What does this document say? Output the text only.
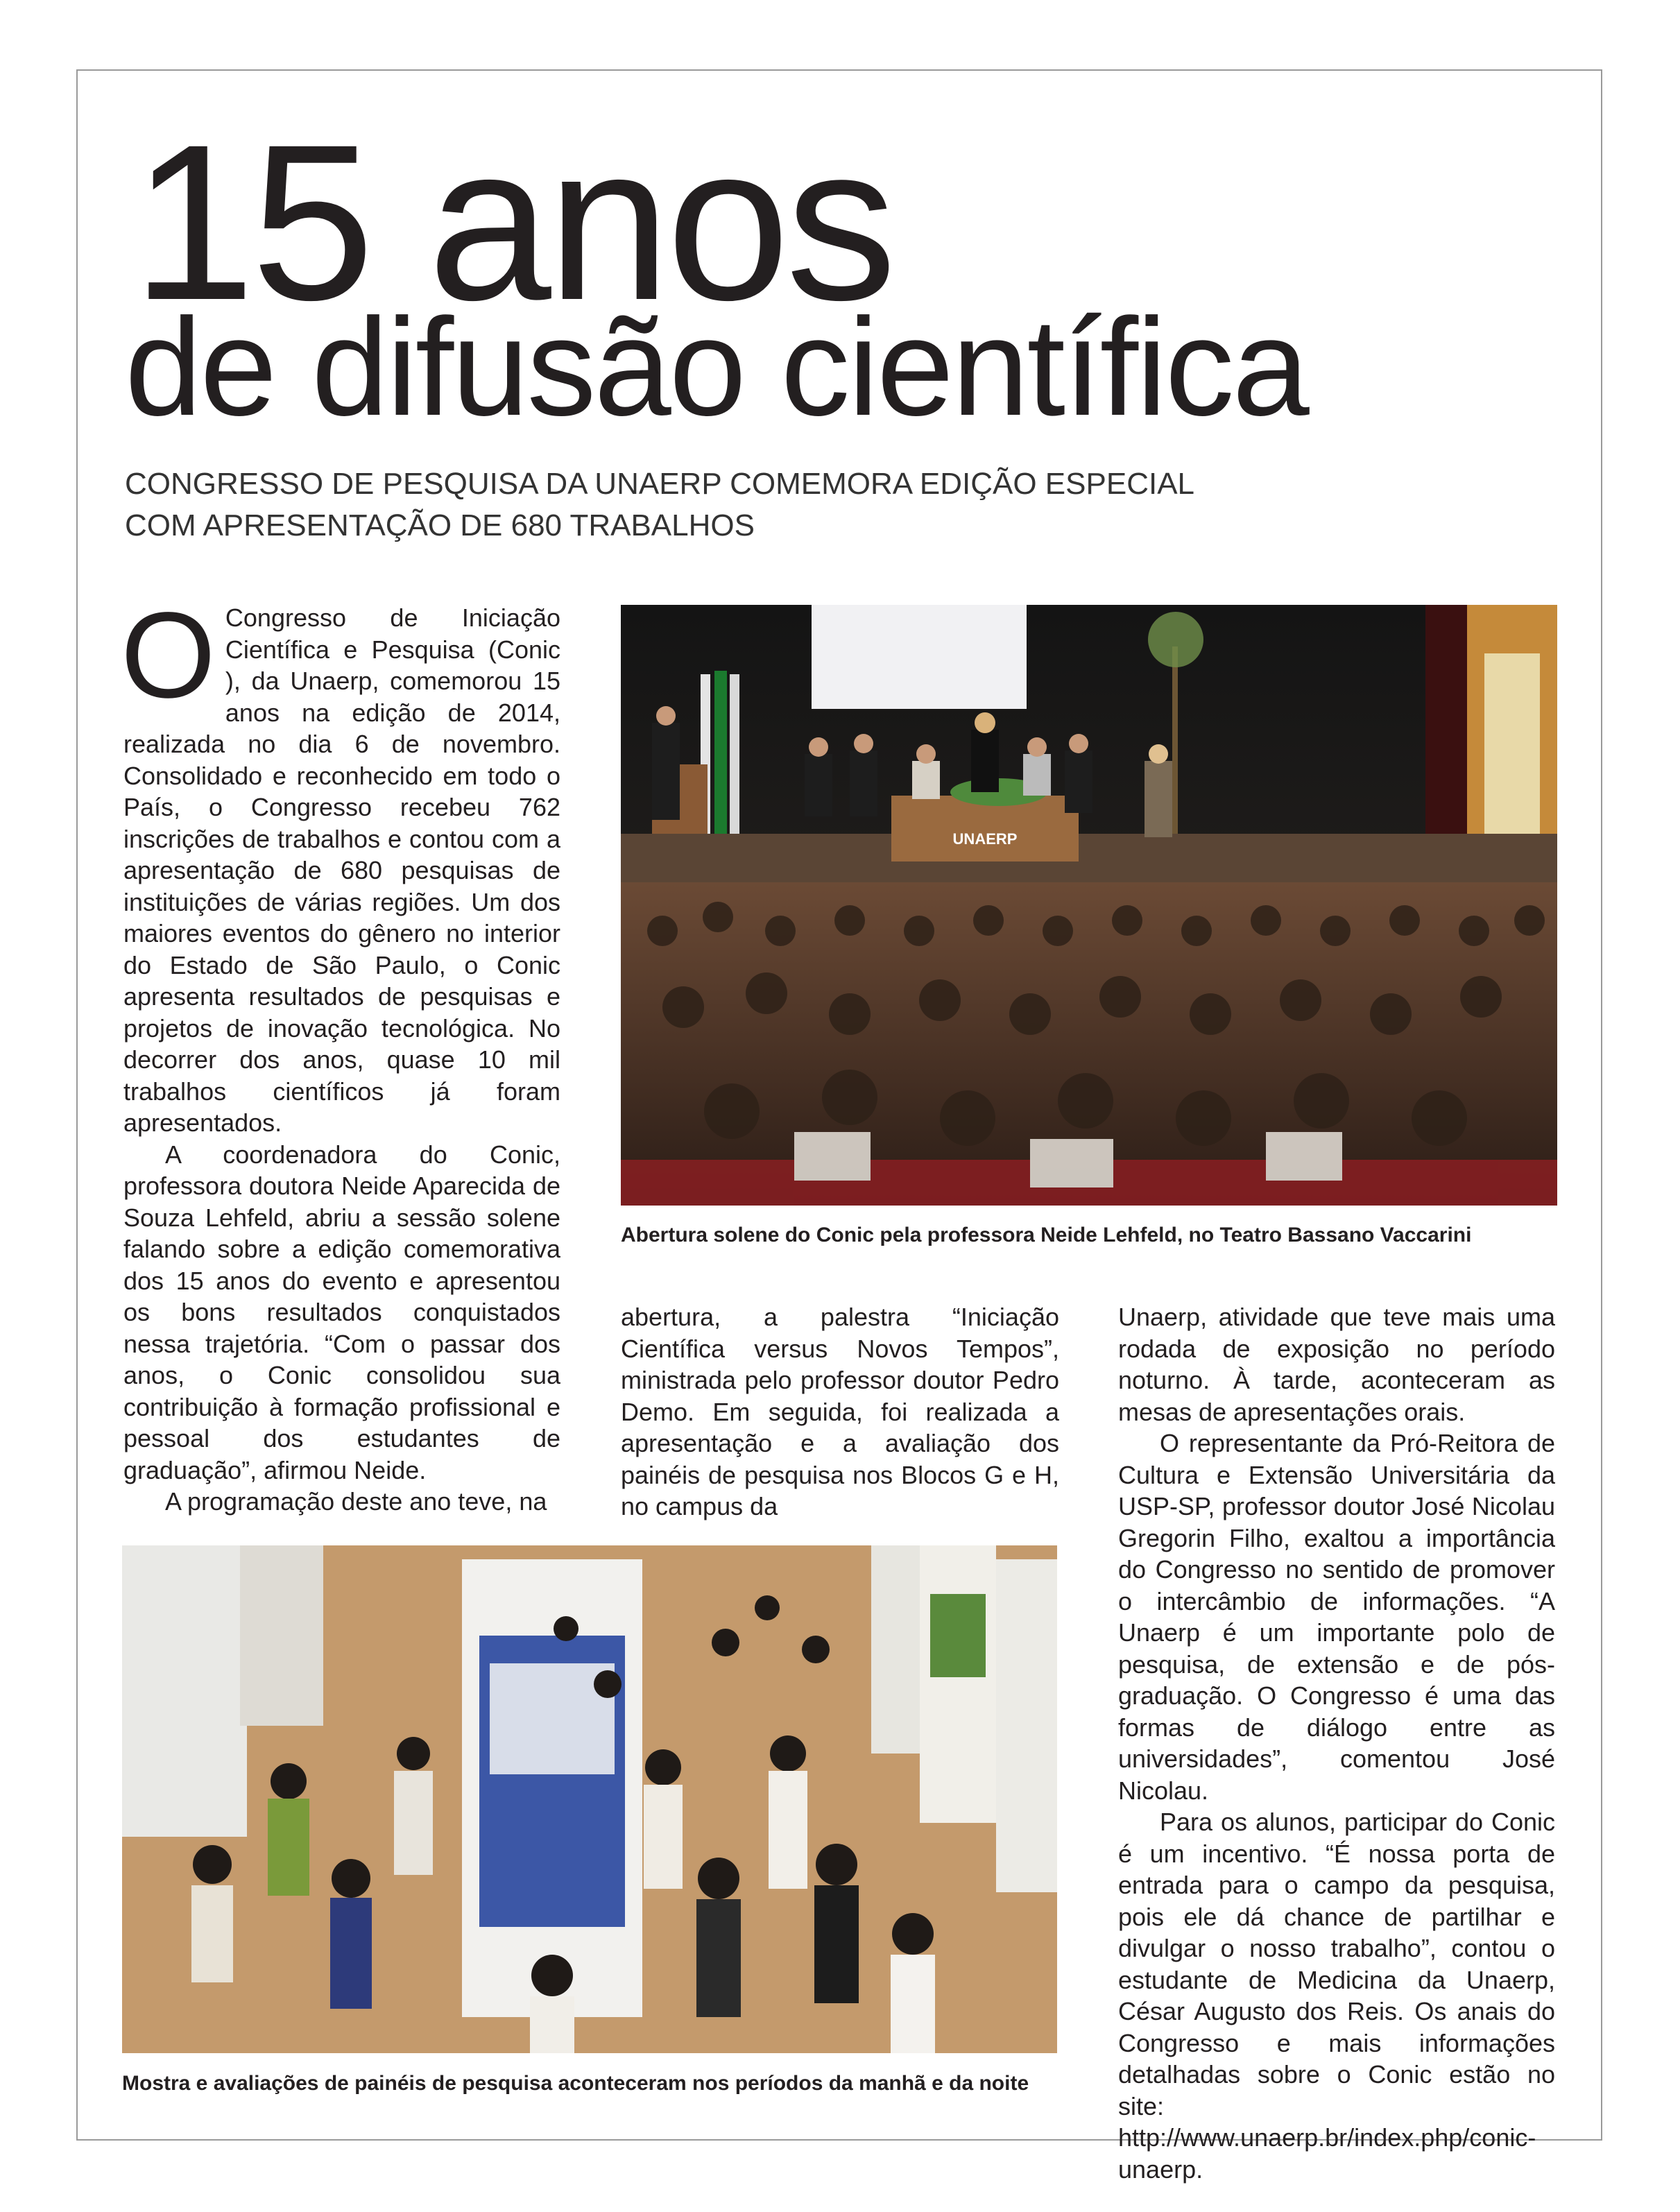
15 anos
de difusão científica
CONGRESSO DE PESQUISA DA UNAERP COMEMORA EDIÇÃO ESPECIAL
COM APRESENTAÇÃO DE 680 TRABALHOS

O Congresso de Iniciação Científica e Pesquisa (Conic ), da Unaerp, comemorou 15 anos na edição de 2014, realizada no dia 6 de novembro. Consolidado e reconhecido em todo o País, o Congresso recebeu 762 inscrições de trabalhos e contou com a apresentação de 680 pesquisas de instituições de várias regiões. Um dos maiores eventos do gênero no interior do Estado de São Paulo, o Conic apresenta resultados de pesquisas e projetos de inovação tecnológica. No decorrer dos anos, quase 10 mil trabalhos científicos já foram apresentados.

A coordenadora do Conic, professora doutora Neide Aparecida de Souza Lehfeld, abriu a sessão solene falando sobre a edição comemorativa dos 15 anos do evento e apresentou os bons resultados conquistados nessa trajetória. “Com o passar dos anos, o Conic consolidou sua contribuição à formação profissional e pessoal dos estudantes de graduação”, afirmou Neide.

A programação deste ano teve, na

abertura, a palestra “Iniciação Científica versus Novos Tempos”, ministrada pelo professor doutor Pedro Demo. Em seguida, foi realizada a apresentação e a avaliação dos painéis de pesquisa nos Blocos G e H, no campus da

Unaerp, atividade que teve mais uma rodada de exposição no período noturno. À tarde, aconteceram as mesas de apresentações orais.

O representante da Pró-Reitora de Cultura e Extensão Universitária da USP-SP, professor doutor José Nicolau Gregorin Filho, exaltou a importância do Congresso no sentido de promover o intercâmbio de informações. “A Unaerp é um importante polo de pesquisa, de extensão e de pós-graduação. O Congresso é uma das formas de diálogo entre as universidades”, comentou José Nicolau.

Para os alunos, participar do Conic é um incentivo. “É nossa porta de entrada para o campo da pesquisa, pois ele dá chance de partilhar e divulgar o nosso trabalho”, contou o estudante de Medicina da Unaerp, César Augusto dos Reis. Os anais do Congresso e mais informações detalhadas sobre o Conic estão no site: http://www.unaerp.br/index.php/conic-unaerp.

UNAERP
Abertura solene do Conic pela professora Neide Lehfeld, no Teatro Bassano Vaccarini
Mostra e avaliações de painéis de pesquisa aconteceram nos períodos da manhã e da noite
